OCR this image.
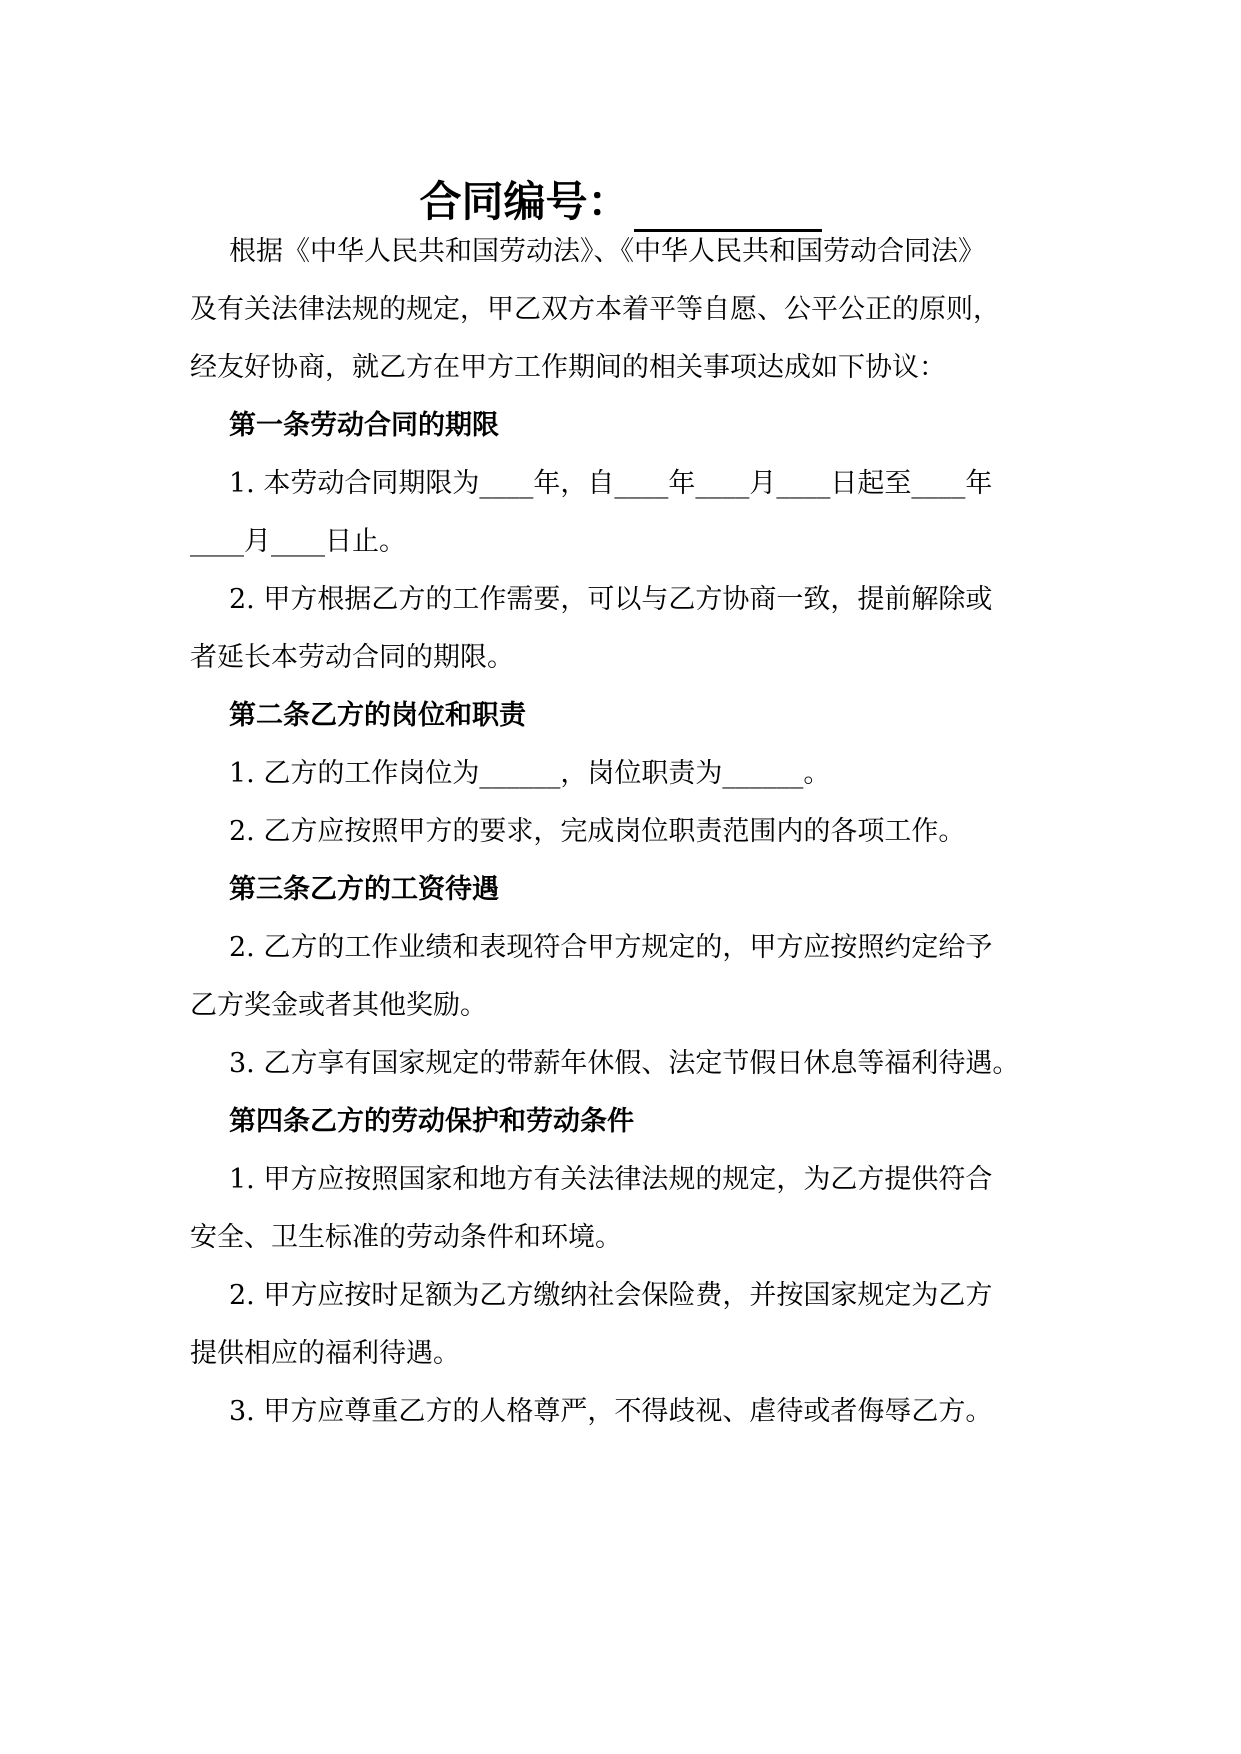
合同编号：
根据《中华人民共和国劳动法》、《中华人民共和国劳动合同法》
及有关法律法规的规定，甲乙双方本着平等自愿、公平公正的原则，
经友好协商，就乙方在甲方工作期间的相关事项达成如下协议：
第一条劳动合同的期限
1. 本劳动合同期限为____年，自____年____月____日起至____年
____月____日止。
2. 甲方根据乙方的工作需要，可以与乙方协商一致，提前解除或
者延长本劳动合同的期限。
第二条乙方的岗位和职责
1. 乙方的工作岗位为______，岗位职责为______。
2. 乙方应按照甲方的要求，完成岗位职责范围内的各项工作。
第三条乙方的工资待遇
2. 乙方的工作业绩和表现符合甲方规定的，甲方应按照约定给予
乙方奖金或者其他奖励。
3. 乙方享有国家规定的带薪年休假、法定节假日休息等福利待遇。
第四条乙方的劳动保护和劳动条件
1. 甲方应按照国家和地方有关法律法规的规定，为乙方提供符合
安全、卫生标准的劳动条件和环境。
2. 甲方应按时足额为乙方缴纳社会保险费，并按国家规定为乙方
提供相应的福利待遇。
3. 甲方应尊重乙方的人格尊严，不得歧视、虐待或者侮辱乙方。
